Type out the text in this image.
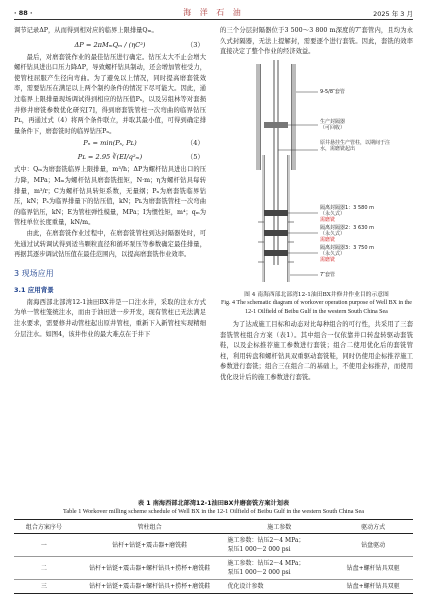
· 88 ·	海 洋 石 油	2025 年 3 月

调节记录ΔP，从而得到相对应的临界上限排量Qₘ。

ΔP = 2πMₘQₘ / (ηC²)	（3）

最后，对磨套铣作业的最佳钻压进行确定。钻压太大不止会增大螺杆钻具进出口压力降ΔP，导致螺杆钻具制动，还会增加管柱受力，使管柱屈服产生径向弯曲。为了避免以上情况，同时提高磨套铣效率，需要钻压在满足以上两个制约条件的情况下尽可能大。因此，通过临界上限排量现场调试得到相应的钻压值Pₛ，以及另组林等对套损井修井磨铣参数优化研究[7]，得到磨套铣管柱一次弯曲的临界钻压Pʟ，再通过式（4）将两个条件联立，并取其最小值，可得到确定排量条件下，磨套铣时的临界钻压Pₙ。

Pₙ = min(Pₛ, Pʟ)	（4）
Pʟ = 2.95 ∛(EI/q²ₘ)	（5）

式中：Qₘ为磨套铣临界上限排量，m³/h；ΔP为螺杆钻具进出口的压力降，MPa；Mₘ为螺杆钻具磨套铣扭矩，N·m；η为螺杆钻具每转排量，m³/r；C为螺杆钻具转矩系数，无量纲；Pₙ为磨套铣临界钻压，kN；Pₛ为临界排量下的钻压值，kN；Pʟ为磨套铣管柱一次弯曲的临界钻压，kN；E为管柱弹性模量，MPa；I为惯性矩，m⁴；qₘ为管柱单位长度重量，kN/m。

由此，在磨套铣作业过程中，在磨套铣管柱到达封隔器处时，可先通过试转调试得到适当颗粒直径和循环泵压等参数确定最佳排量，再据其逐步调试钻压值在最佳范围内，以提高磨套铣作业效率。

3 现场应用
3.1 应用背景

南海西部北部湾12-1油田BX井是一口注水井，采取的注水方式为单一管柱笼统注水，而由于油田进一步开发，现有管柱已无法满足注水要求，需要修井动管柱起出原井管柱，重新下入新管柱实现精细分层注水。如图4，该井作业的最大难点在于井下

的三个分层封隔器位于3 500～3 800 m深度的7″套管内，且均为永久式封隔器，无法上提解封，需要逐个进行套铣。因此，套铣的效率直接决定了整个作业的经济效益。

9-5/8″套管
生产封隔器
（可回收）
原井悬挂生产管柱，以期间于注水，需磨铣起出
隔离封隔器1：3 580 m
（永久式）
需磨铣
隔离封隔器2：3 630 m
（永久式）
需磨铣
隔离封隔器3：3 750 m
（永久式）
需磨铣
7″套管
图 4 南海西部北部湾12-1油田BX井修井作业目的示意图
Fig. 4 The schematic diagram of workover operation purpose of Well BX in the 12-1 Oilfield of Beibu Gulf in the western South China Sea

为了达成施工目标和动态对比每种组合的可行性，共采用了三套套铣管柱组合方案（表1）。其中组合一仅依靠井口转盘转驱动套铣鞋，以及企标推荐施工参数进行套铣；组合二使用优化后的套铣管柱，利用转盘和螺杆钻具双重驱动套铣鞋，同时仍使用企标推荐施工参数进行套铣；组合三在组合二的基础上，不使用企标推荐，而使用优化设计后的施工参数进行套铣。

表 1 南海西部北部湾12-1油田BX井磨套铣方案计划表
Table 1 Workover milling scheme schedule of Well BX in the 12-1 Oilfield of Beibu Gulf in the western South China Sea
组合方案序号	管柱组合	施工参数	驱动方式
一	钻杆+钻铤+震击器+磨铣鞋	施工参数：钻压2～4 MPa；
泵压1 000～2 000 psi	钻盘驱动
二	钻杆+钻铤+震击器+螺杆钻具+捞杯+磨铣鞋	施工参数：钻压2～4 MPa；
泵压1 000～2 000 psi	钻盘+螺杆钻具双驱
三	钻杆+钻铤+震击器+螺杆钻具+捞杯+磨铣鞋	优化设计参数	钻盘+螺杆钻具双驱
